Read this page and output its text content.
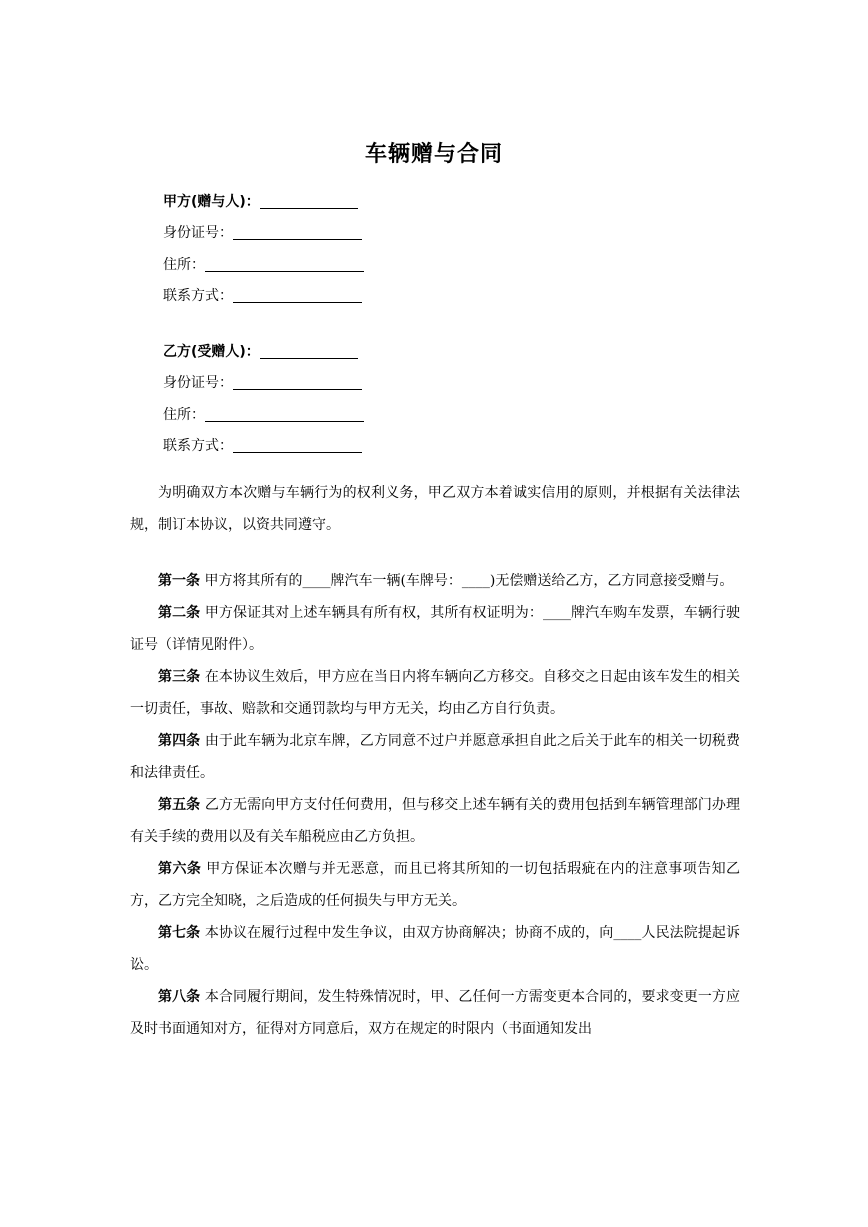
车辆赠与合同
甲方(赠与人)：
身份证号：
住所：
联系方式：
乙方(受赠人)：
身份证号：
住所：
联系方式：

为明确双方本次赠与车辆行为的权利义务，甲乙双方本着诚实信用的原则，并根据有关法律法规，制订本协议，以资共同遵守。

第一条 甲方将其所有的____牌汽车一辆(车牌号：____)无偿赠送给乙方，乙方同意接受赠与。

第二条 甲方保证其对上述车辆具有所有权，其所有权证明为：____牌汽车购车发票，车辆行驶证号（详情见附件）。

第三条 在本协议生效后，甲方应在当日内将车辆向乙方移交。自移交之日起由该车发生的相关一切责任，事故、赔款和交通罚款均与甲方无关，均由乙方自行负责。

第四条 由于此车辆为北京车牌，乙方同意不过户并愿意承担自此之后关于此车的相关一切税费和法律责任。

第五条 乙方无需向甲方支付任何费用，但与移交上述车辆有关的费用包括到车辆管理部门办理有关手续的费用以及有关车船税应由乙方负担。

第六条 甲方保证本次赠与并无恶意，而且已将其所知的一切包括瑕疵在内的注意事项告知乙方，乙方完全知晓，之后造成的任何损失与甲方无关。

第七条 本协议在履行过程中发生争议，由双方协商解决；协商不成的，向____人民法院提起诉讼。

第八条 本合同履行期间，发生特殊情况时，甲、乙任何一方需变更本合同的，要求变更一方应及时书面通知对方，征得对方同意后，双方在规定的时限内（书面通知发出
